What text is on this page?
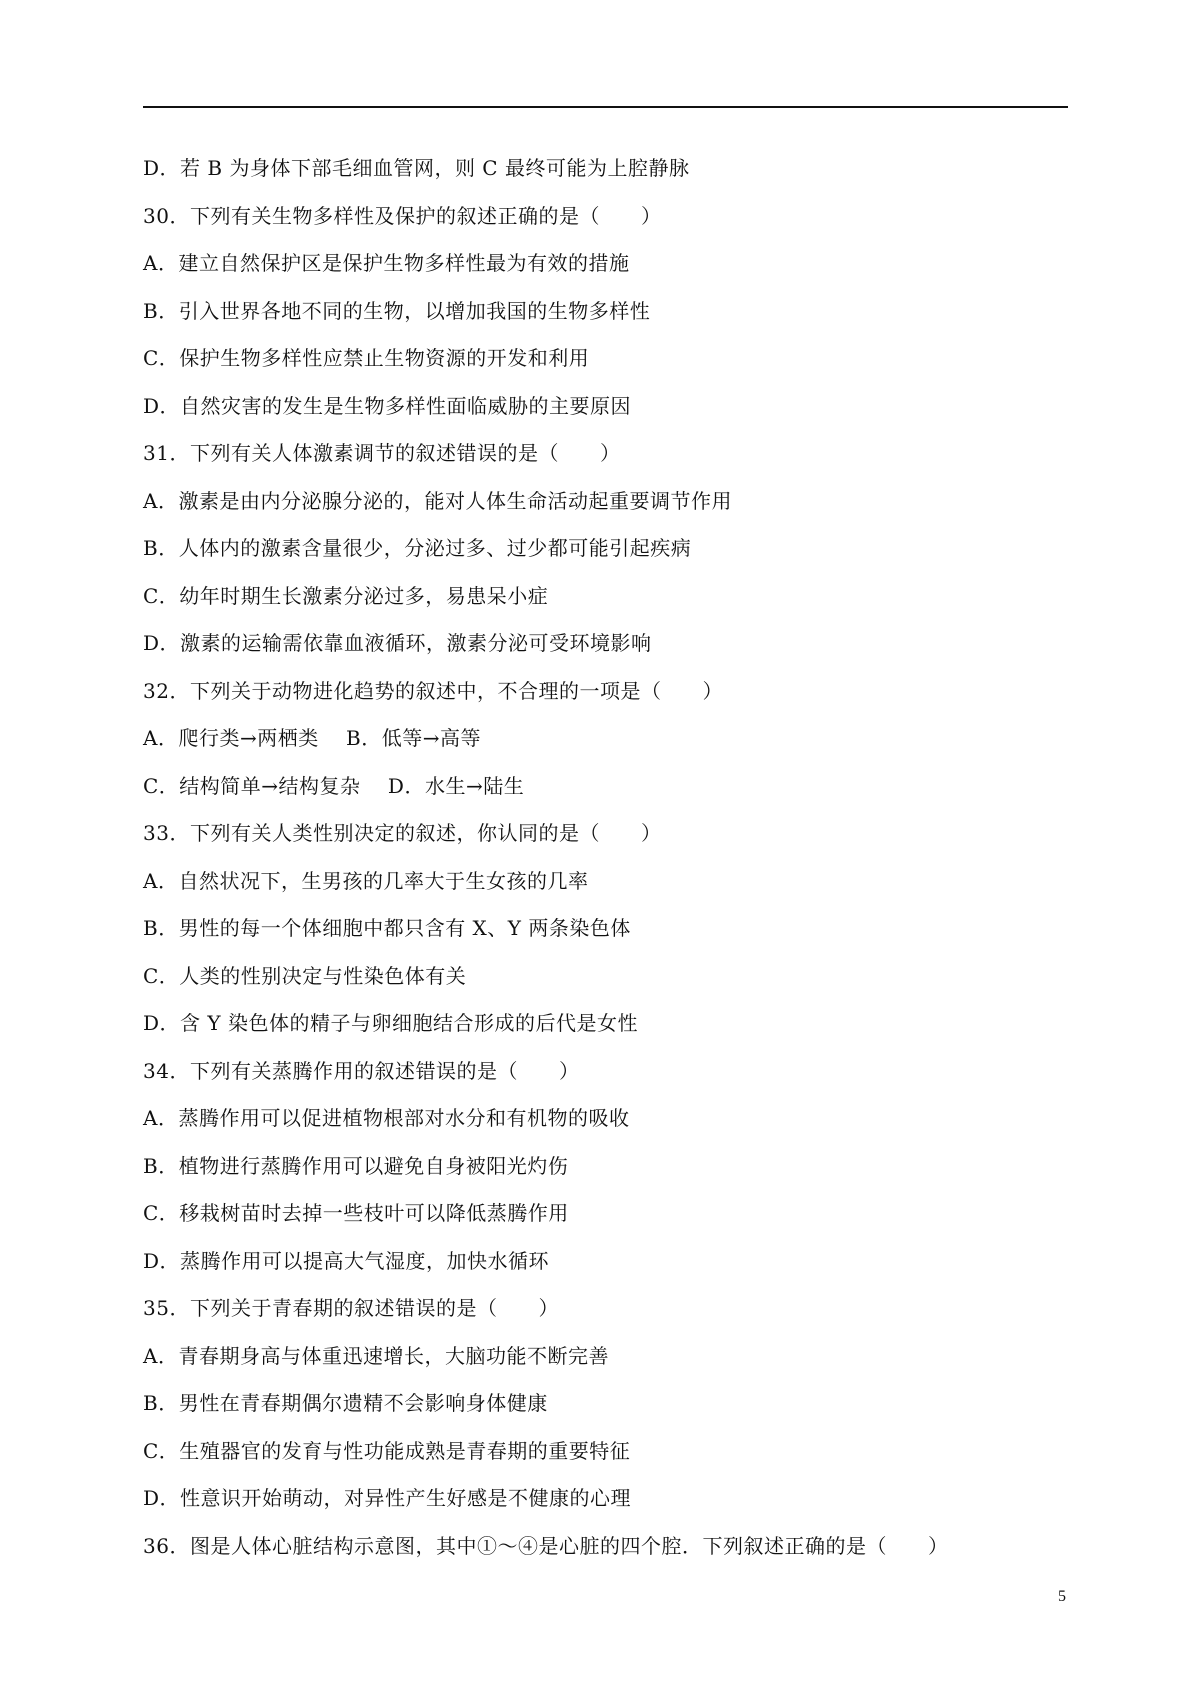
D．若 B 为身体下部毛细血管网，则 C 最终可能为上腔静脉
30．下列有关生物多样性及保护的叙述正确的是（　　）
A．建立自然保护区是保护生物多样性最为有效的措施
B．引入世界各地不同的生物，以增加我国的生物多样性
C．保护生物多样性应禁止生物资源的开发和利用
D．自然灾害的发生是生物多样性面临威胁的主要原因
31．下列有关人体激素调节的叙述错误的是（　　）
A．激素是由内分泌腺分泌的，能对人体生命活动起重要调节作用
B．人体内的激素含量很少，分泌过多、过少都可能引起疾病
C．幼年时期生长激素分泌过多，易患呆小症
D．激素的运输需依靠血液循环，激素分泌可受环境影响
32．下列关于动物进化趋势的叙述中，不合理的一项是（　　）
A．爬行类→两栖类　 B．低等→高等
C．结构简单→结构复杂　 D．水生→陆生
33．下列有关人类性别决定的叙述，你认同的是（　　）
A．自然状况下，生男孩的几率大于生女孩的几率
B．男性的每一个体细胞中都只含有 X、Y 两条染色体
C．人类的性别决定与性染色体有关
D．含 Y 染色体的精子与卵细胞结合形成的后代是女性
34．下列有关蒸腾作用的叙述错误的是（　　）
A．蒸腾作用可以促进植物根部对水分和有机物的吸收
B．植物进行蒸腾作用可以避免自身被阳光灼伤
C．移栽树苗时去掉一些枝叶可以降低蒸腾作用
D．蒸腾作用可以提高大气湿度，加快水循环
35．下列关于青春期的叙述错误的是（　　）
A．青春期身高与体重迅速增长，大脑功能不断完善
B．男性在青春期偶尔遗精不会影响身体健康
C．生殖器官的发育与性功能成熟是青春期的重要特征
D．性意识开始萌动，对异性产生好感是不健康的心理
36．图是人体心脏结构示意图，其中①～④是心脏的四个腔．下列叙述正确的是（　　）
5
